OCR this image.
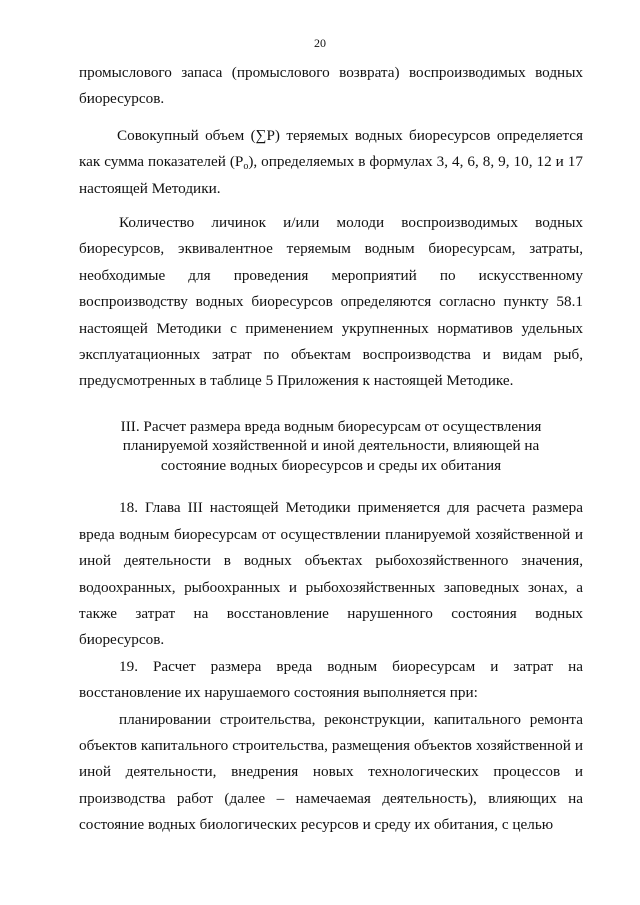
20

промыслового запаса (промыслового возврата) воспроизводимых водных биоресурсов.

Совокупный объем (∑P) теряемых водных биоресурсов определяется как сумма показателей $(P_о)$, определяемых в формулах 3, 4, 6, 8, 9, 10, 12 и 17 настоящей Методики.

Количество личинок и/или молоди воспроизводимых водных биоресурсов, эквивалентное теряемым водным биоресурсам, затраты, необходимые для проведения мероприятий по искусственному воспроизводству водных биоресурсов определяются согласно пункту 58.1 настоящей Методики с применением укрупненных нормативов удельных эксплуатационных затрат по объектам воспроизводства и видам рыб, предусмотренных в таблице 5 Приложения к настоящей Методике.

III. Расчет размера вреда водным биоресурсам от осуществления планируемой хозяйственной и иной деятельности, влияющей на состояние водных биоресурсов и среды их обитания

18. Глава III настоящей Методики применяется для расчета размера вреда водным биоресурсам от осуществлении планируемой хозяйственной и иной деятельности в водных объектах рыбохозяйственного значения, водоохранных, рыбоохранных и рыбохозяйственных заповедных зонах, а также затрат на восстановление нарушенного состояния водных биоресурсов.

19. Расчет размера вреда водным биоресурсам и затрат на восстановление их нарушаемого состояния выполняется при:

планировании строительства, реконструкции, капитального ремонта объектов капитального строительства, размещения объектов хозяйственной и иной деятельности, внедрения новых технологических процессов и производства работ (далее – намечаемая деятельность), влияющих на состояние водных биологических ресурсов и среду их обитания, с целью
